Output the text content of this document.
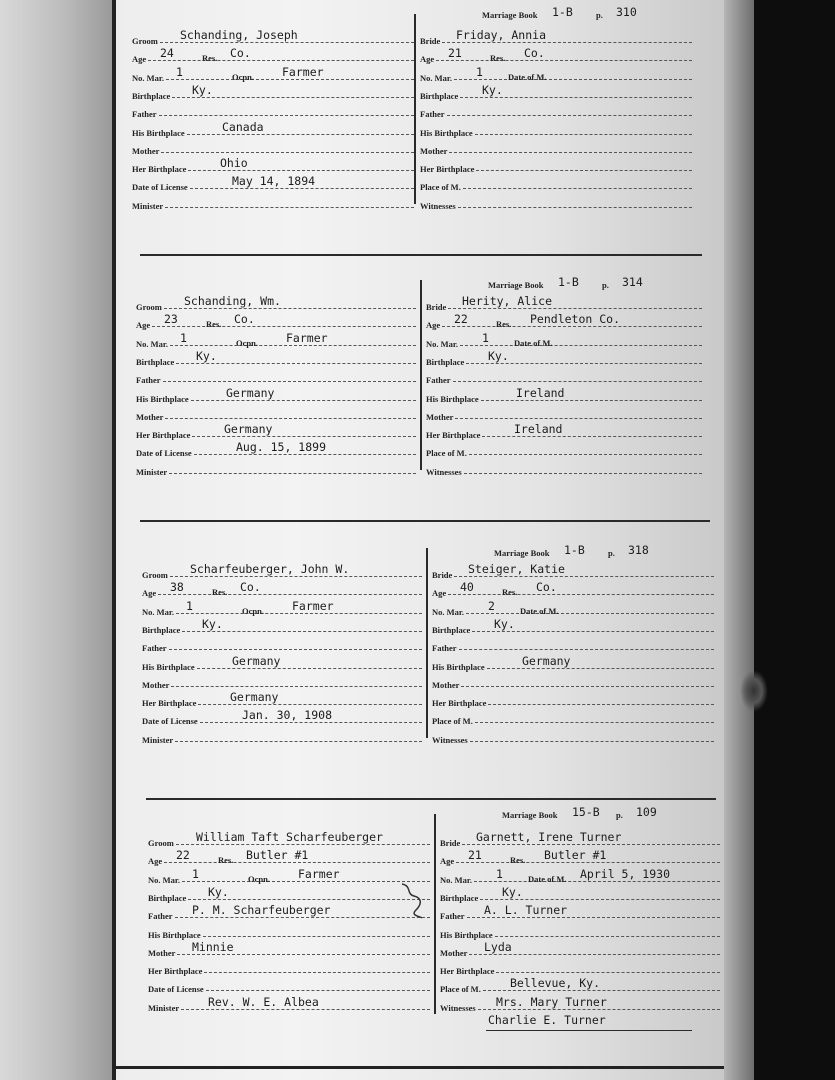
Marriage Book 1-B	p. 310
Groom Schanding, Joseph
Age	Res.
24	Co.
No. Mar.	Ocpn.
1	Farmer
Birthplace Ky.
Father
His Birthplace	Canada
Mother
Her Birthplace	Ohio
Date of License	May 14, 1894
Minister
Bride Friday, Annia
Age	Res.
21	Co.
No. Mar.	Date of M.
1
Birthplace Ky.
Father
His Birthplace
Mother
Her Birthplace
Place of M.
Witnesses
Marriage Book 1-B	p. 314
Groom Schanding, Wm.
Age	Res.
23	Co.
No. Mar.	Ocpn.
1	Farmer
Birthplace Ky.
Father
His Birthplace	Germany
Mother
Her Birthplace	Germany
Date of License	Aug. 15, 1899
Minister
Bride Herity, Alice
Age	Res.
22	Pendleton Co.
No. Mar.	Date of M.
1
Birthplace Ky.
Father
His Birthplace	Ireland
Mother
Her Birthplace	Ireland
Place of M.
Witnesses
Marriage Book 1-B	p. 318
Groom Scharfeuberger, John W.
Age	Res.
38	Co.
No. Mar.	Ocpn.
1	Farmer
Birthplace Ky.
Father
His Birthplace	Germany
Mother
Her Birthplace	Germany
Date of License	Jan. 30, 1908
Minister
Bride Steiger, Katie
Age	Res.
40	Co.
No. Mar.	Date of M.
2
Birthplace Ky.
Father
His Birthplace	Germany
Mother
Her Birthplace
Place of M.
Witnesses
Marriage Book 15-B p. 109
Groom William Taft Scharfeuberger
Age	Res.
22	Butler #1
No. Mar.	Ocpn.
1	Farmer
Birthplace Ky.
Father P. M. Scharfeuberger
His Birthplace
Mother Minnie
Her Birthplace
Date of License
Minister	Rev. W. E. Albea
Bride Garnett, Irene Turner
Age	Res.
21	Butler #1
No. Mar.	Date of M.
1	April 5, 1930
Birthplace Ky.
Father A. L. Turner
His Birthplace
Mother Lyda
Her Birthplace
Place of M.	Bellevue, Ky.
Witnesses Mrs. Mary Turner
Charlie E. Turner
